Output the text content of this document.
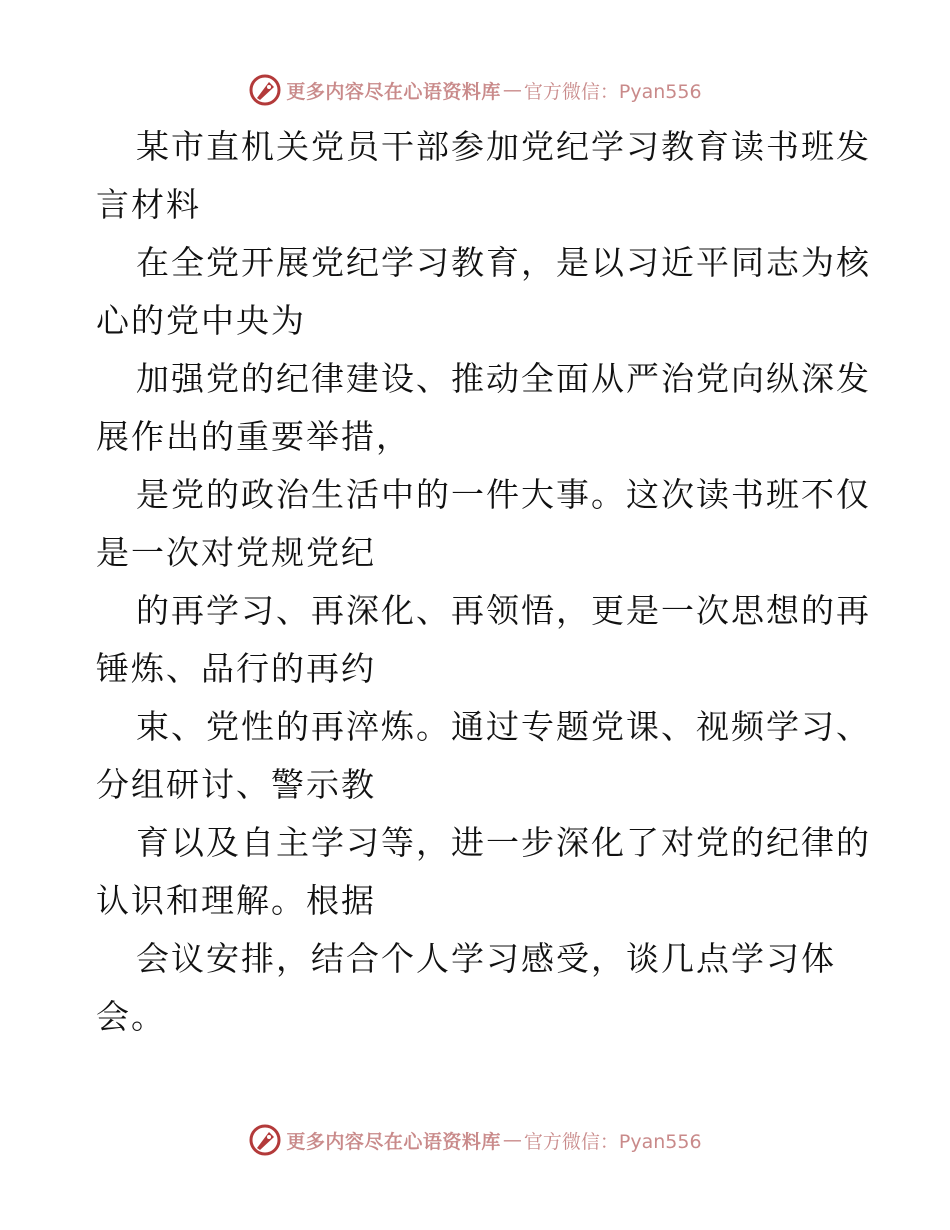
更多内容尽在心语资料库 — 官方微信：Pyan556
某市直机关党员干部参加党纪学习教育读书班发
言材料
在全党开展党纪学习教育，是以习近平同志为核
心的党中央为
加强党的纪律建设、推动全面从严治党向纵深发
展作出的重要举措，
是党的政治生活中的一件大事。这次读书班不仅
是一次对党规党纪
的再学习、再深化、再领悟，更是一次思想的再
锤炼、品行的再约
束、党性的再淬炼。通过专题党课、视频学习、
分组研讨、警示教
育以及自主学习等，进一步深化了对党的纪律的
认识和理解。根据
会议安排，结合个人学习感受，谈几点学习体
会。
更多内容尽在心语资料库 — 官方微信：Pyan556
